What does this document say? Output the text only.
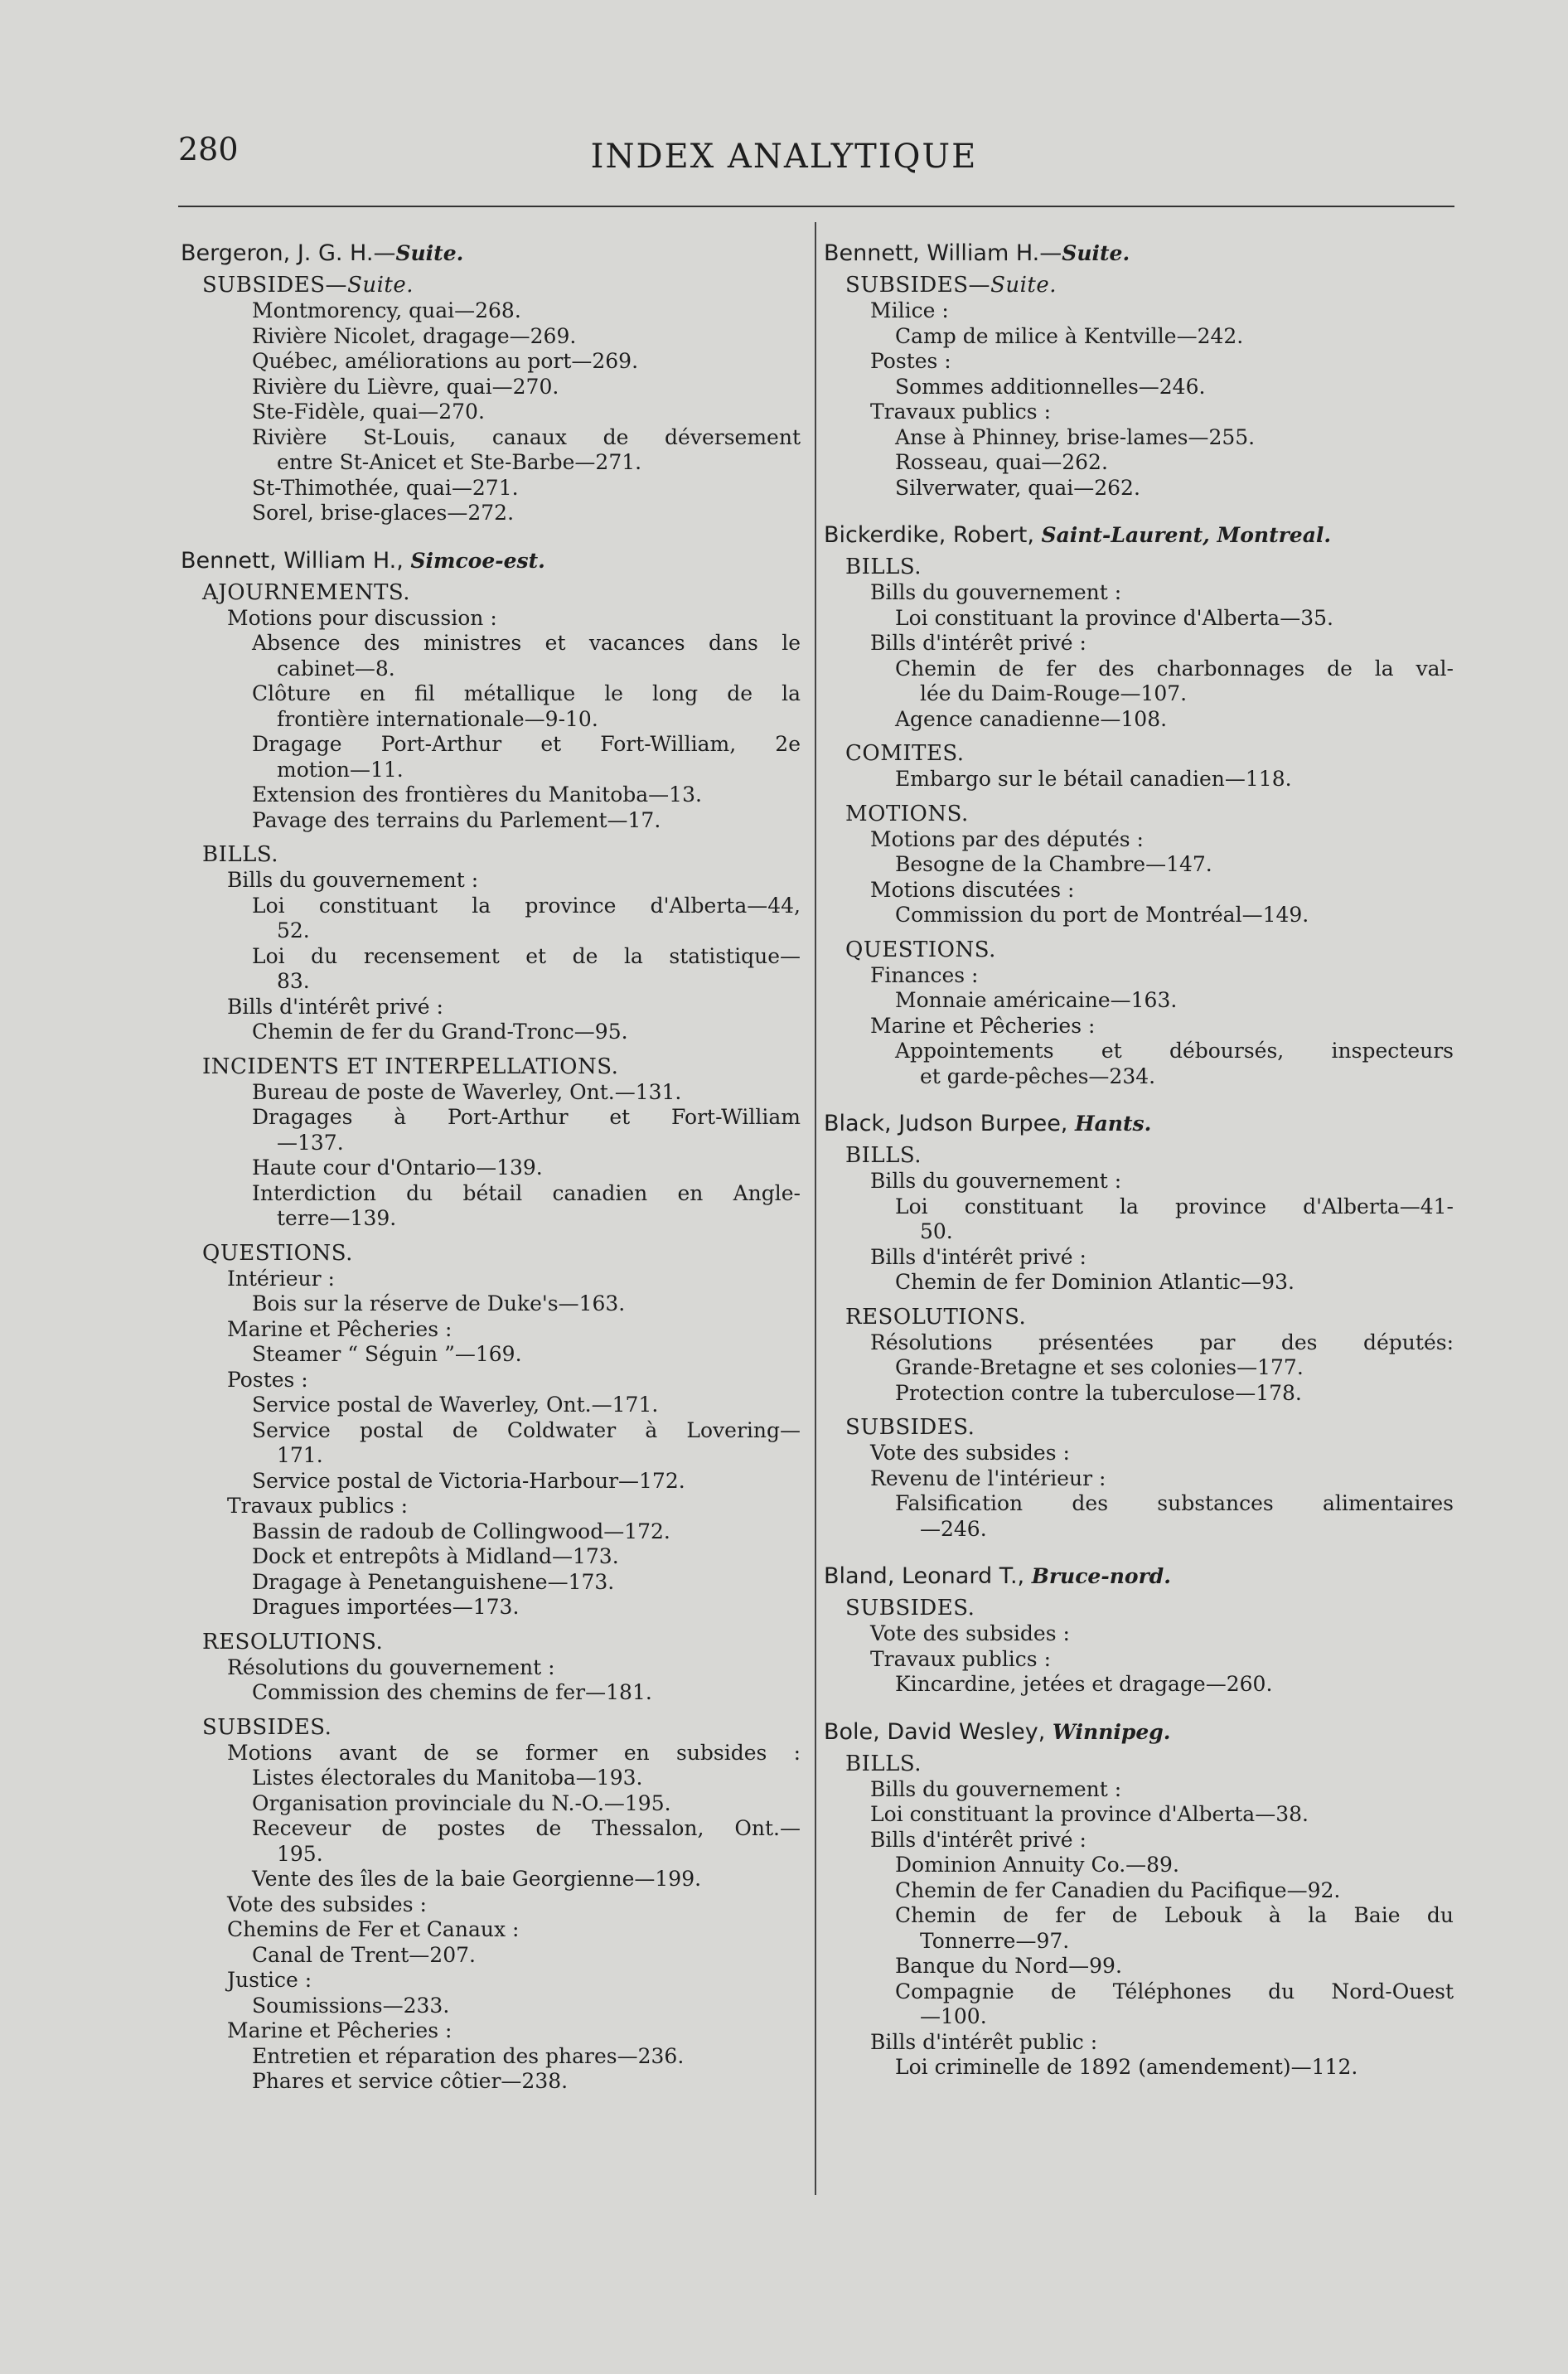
280	INDEX ANALYTIQUE
Bergeron, J. G. H.—Suite.
SUBSIDES—Suite.
Montmorency, quai—268.
Rivière Nicolet, dragage—269.
Québec, améliorations au port—269.
Rivière du Lièvre, quai—270.
Ste-Fidèle, quai—270.
Rivière St-Louis, canaux de déversement
entre St-Anicet et Ste-Barbe—271.
St-Thimothée, quai—271.
Sorel, brise-glaces—272.
Bennett, William H., Simcoe-est.
AJOURNEMENTS.
Motions pour discussion :
Absence des ministres et vacances dans le
cabinet—8.
Clôture en fil métallique le long de la
frontière internationale—9-10.
Dragage Port-Arthur et Fort-William, 2e
motion—11.
Extension des frontières du Manitoba—13.
Pavage des terrains du Parlement—17.
BILLS.
Bills du gouvernement :
Loi constituant la province d'Alberta—44,
52.
Loi du recensement et de la statistique—
83.
Bills d'intérêt privé :
Chemin de fer du Grand-Tronc—95.
INCIDENTS ET INTERPELLATIONS.
Bureau de poste de Waverley, Ont.—131.
Dragages à Port-Arthur et Fort-William
—137.
Haute cour d'Ontario—139.
Interdiction du bétail canadien en Angle-
terre—139.
QUESTIONS.
Intérieur :
Bois sur la réserve de Duke's—163.
Marine et Pêcheries :
Steamer “ Séguin ”—169.
Postes :
Service postal de Waverley, Ont.—171.
Service postal de Coldwater à Lovering—
171.
Service postal de Victoria-Harbour—172.
Travaux publics :
Bassin de radoub de Collingwood—172.
Dock et entrepôts à Midland—173.
Dragage à Penetanguishene—173.
Dragues importées—173.
RESOLUTIONS.
Résolutions du gouvernement :
Commission des chemins de fer—181.
SUBSIDES.
Motions avant de se former en subsides :
Listes électorales du Manitoba—193.
Organisation provinciale du N.-O.—195.
Receveur de postes de Thessalon, Ont.—
195.
Vente des îles de la baie Georgienne—199.
Vote des subsides :
Chemins de Fer et Canaux :
Canal de Trent—207.
Justice :
Soumissions—233.
Marine et Pêcheries :
Entretien et réparation des phares—236.
Phares et service côtier—238.
Bennett, William H.—Suite.
SUBSIDES—Suite.
Milice :
Camp de milice à Kentville—242.
Postes :
Sommes additionnelles—246.
Travaux publics :
Anse à Phinney, brise-lames—255.
Rosseau, quai—262.
Silverwater, quai—262.
Bickerdike, Robert, Saint-Laurent, Montreal.
BILLS.
Bills du gouvernement :
Loi constituant la province d'Alberta—35.
Bills d'intérêt privé :
Chemin de fer des charbonnages de la val-
lée du Daim-Rouge—107.
Agence canadienne—108.
COMITES.
Embargo sur le bétail canadien—118.
MOTIONS.
Motions par des députés :
Besogne de la Chambre—147.
Motions discutées :
Commission du port de Montréal—149.
QUESTIONS.
Finances :
Monnaie américaine—163.
Marine et Pêcheries :
Appointements et déboursés, inspecteurs
et garde-pêches—234.
Black, Judson Burpee, Hants.
BILLS.
Bills du gouvernement :
Loi constituant la province d'Alberta—41-
50.
Bills d'intérêt privé :
Chemin de fer Dominion Atlantic—93.
RESOLUTIONS.
Résolutions présentées par des députés:
Grande-Bretagne et ses colonies—177.
Protection contre la tuberculose—178.
SUBSIDES.
Vote des subsides :
Revenu de l'intérieur :
Falsification des substances alimentaires
—246.
Bland, Leonard T., Bruce-nord.
SUBSIDES.
Vote des subsides :
Travaux publics :
Kincardine, jetées et dragage—260.
Bole, David Wesley, Winnipeg.
BILLS.
Bills du gouvernement :
Loi constituant la province d'Alberta—38.
Bills d'intérêt privé :
Dominion Annuity Co.—89.
Chemin de fer Canadien du Pacifique—92.
Chemin de fer de Lebouk à la Baie du
Tonnerre—97.
Banque du Nord—99.
Compagnie de Téléphones du Nord-Ouest
—100.
Bills d'intérêt public :
Loi criminelle de 1892 (amendement)—112.
